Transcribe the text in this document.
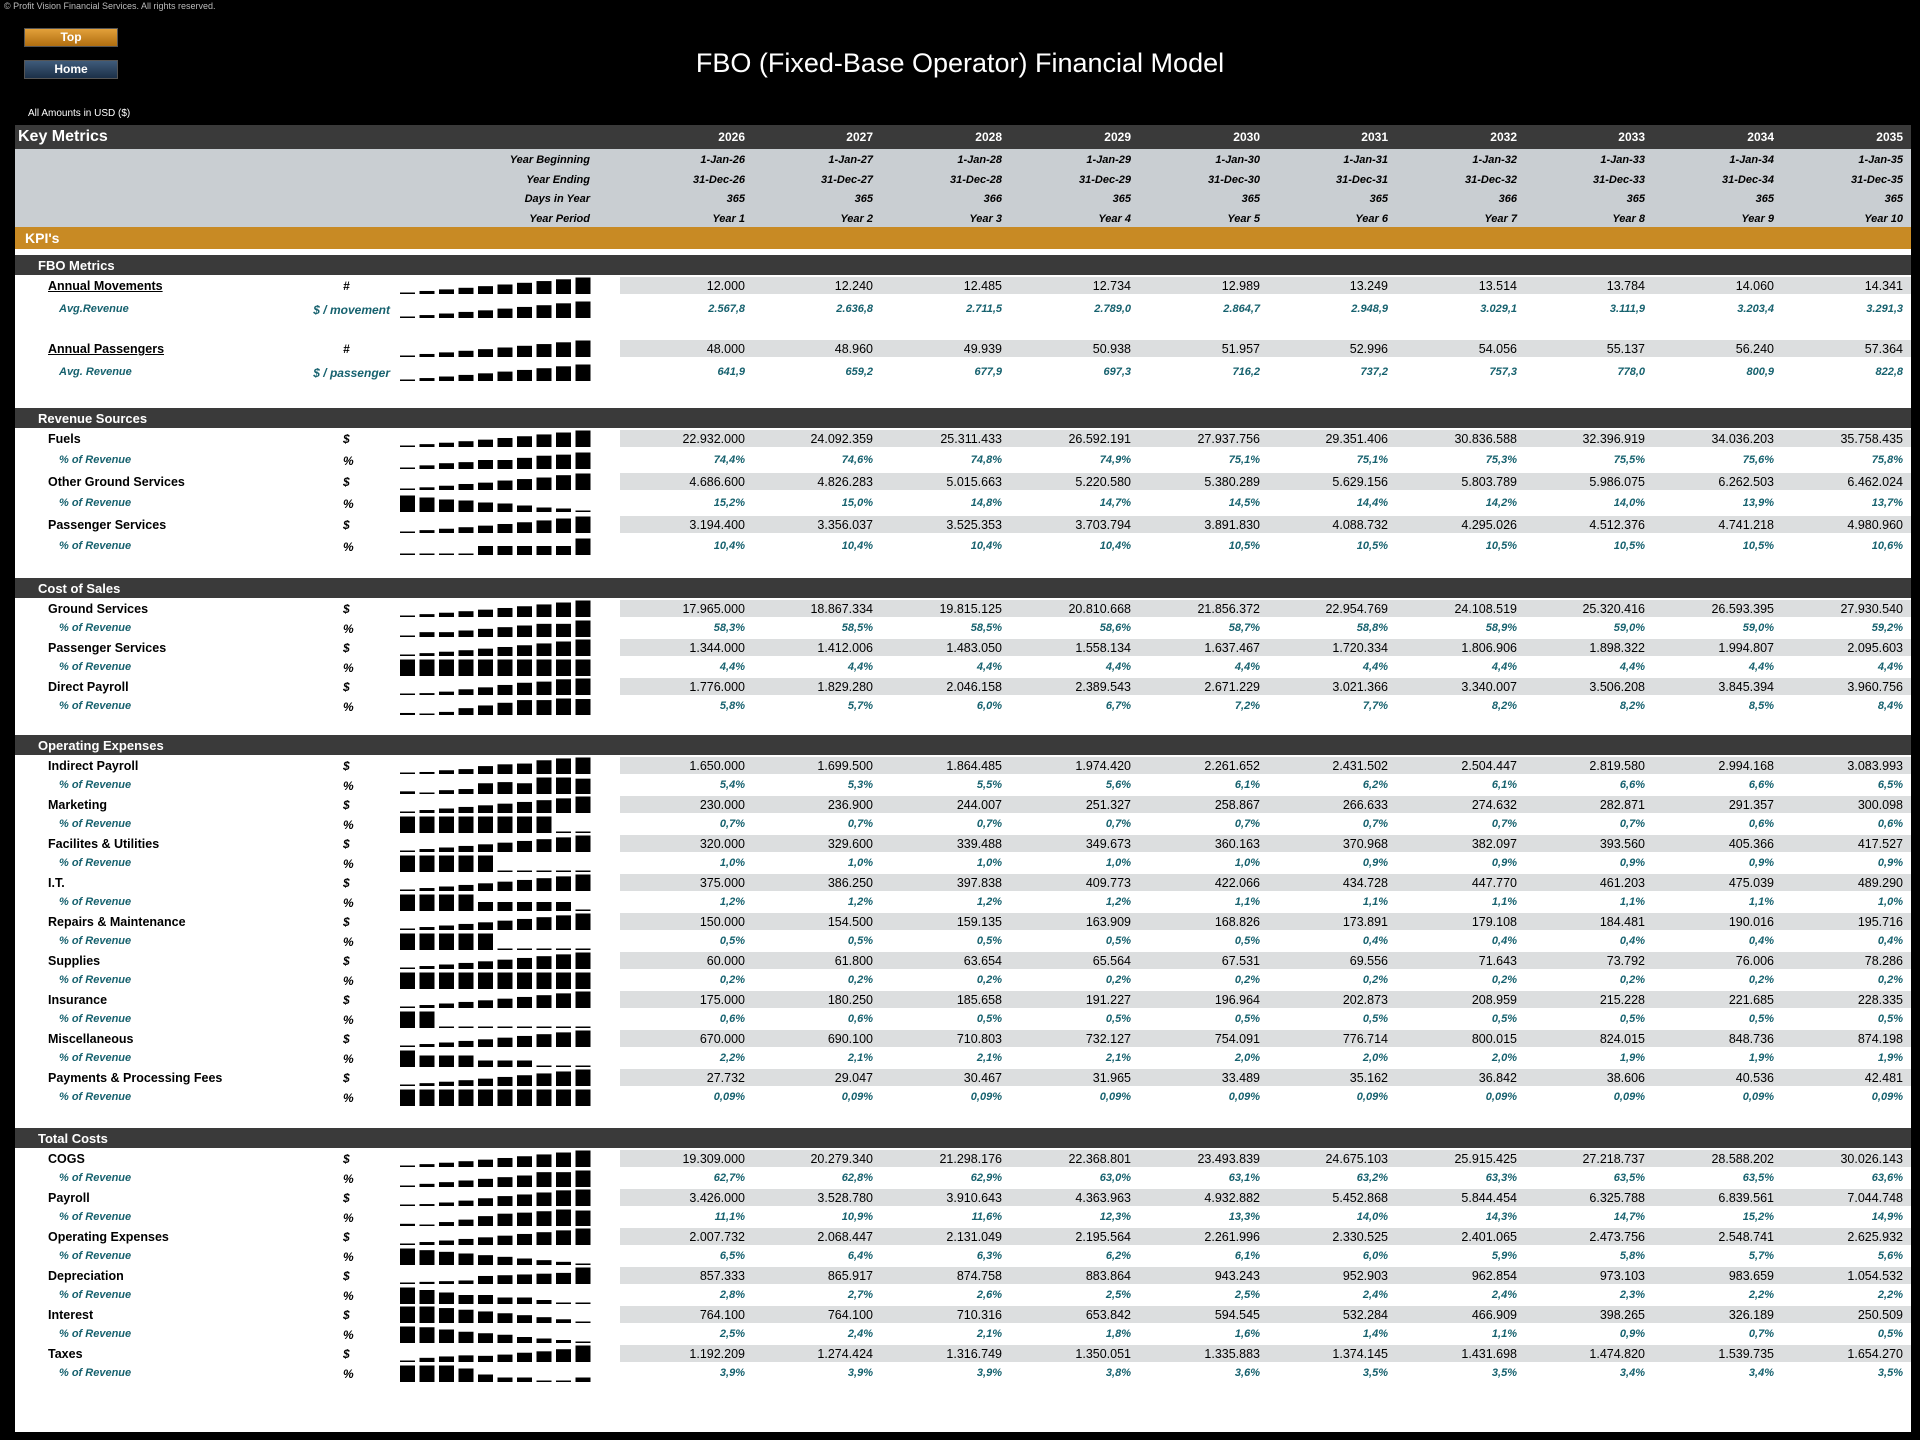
© Profit Vision Financial Services. All rights reserved.
Top
Home	FBO (Fixed-Base Operator) Financial Model
All Amounts in USD ($)
Key Metrics	2026	2027	2028	2029	2030	2031	2032	2033	2034	2035
Year Beginning	1-Jan-26	1-Jan-27	1-Jan-28	1-Jan-29	1-Jan-30	1-Jan-31	1-Jan-32	1-Jan-33	1-Jan-34	1-Jan-35
Year Ending	31-Dec-26	31-Dec-27	31-Dec-28	31-Dec-29	31-Dec-30	31-Dec-31	31-Dec-32	31-Dec-33	31-Dec-34	31-Dec-35
Days in Year	365	365	366	365	365	365	366	365	365	365
Year Period	Year 1	Year 2	Year 3	Year 4	Year 5	Year 6	Year 7	Year 8	Year 9	Year 10
KPI's
FBO Metrics
Annual Movements	#	12.000	12.240	12.485	12.734	12.989	13.249	13.514	13.784	14.060	14.341
Avg.Revenue	$ / movement	2.567,8	2.636,8	2.711,5	2.789,0	2.864,7	2.948,9	3.029,1	3.111,9	3.203,4	3.291,3
Annual Passengers	#	48.000	48.960	49.939	50.938	51.957	52.996	54.056	55.137	56.240	57.364
Avg. Revenue	$ / passenger	641,9	659,2	677,9	697,3	716,2	737,2	757,3	778,0	800,9	822,8
Revenue Sources
Fuels	$	22.932.000	24.092.359	25.311.433	26.592.191	27.937.756	29.351.406	30.836.588	32.396.919	34.036.203	35.758.435
% of Revenue	%	74,4%	74,6%	74,8%	74,9%	75,1%	75,1%	75,3%	75,5%	75,6%	75,8%
Other Ground Services	$	4.686.600	4.826.283	5.015.663	5.220.580	5.380.289	5.629.156	5.803.789	5.986.075	6.262.503	6.462.024
% of Revenue	%	15,2%	15,0%	14,8%	14,7%	14,5%	14,4%	14,2%	14,0%	13,9%	13,7%
Passenger Services	$	3.194.400	3.356.037	3.525.353	3.703.794	3.891.830	4.088.732	4.295.026	4.512.376	4.741.218	4.980.960
% of Revenue	%	10,4%	10,4%	10,4%	10,4%	10,5%	10,5%	10,5%	10,5%	10,5%	10,6%
Cost of Sales
Ground Services	$	17.965.000	18.867.334	19.815.125	20.810.668	21.856.372	22.954.769	24.108.519	25.320.416	26.593.395	27.930.540
% of Revenue	%	58,3%	58,5%	58,5%	58,6%	58,7%	58,8%	58,9%	59,0%	59,0%	59,2%
Passenger Services	$	1.344.000	1.412.006	1.483.050	1.558.134	1.637.467	1.720.334	1.806.906	1.898.322	1.994.807	2.095.603
% of Revenue	%	4,4%	4,4%	4,4%	4,4%	4,4%	4,4%	4,4%	4,4%	4,4%	4,4%
Direct Payroll	$	1.776.000	1.829.280	2.046.158	2.389.543	2.671.229	3.021.366	3.340.007	3.506.208	3.845.394	3.960.756
% of Revenue	%	5,8%	5,7%	6,0%	6,7%	7,2%	7,7%	8,2%	8,2%	8,5%	8,4%
Operating Expenses
Indirect Payroll	$	1.650.000	1.699.500	1.864.485	1.974.420	2.261.652	2.431.502	2.504.447	2.819.580	2.994.168	3.083.993
% of Revenue	%	5,4%	5,3%	5,5%	5,6%	6,1%	6,2%	6,1%	6,6%	6,6%	6,5%
Marketing	$	230.000	236.900	244.007	251.327	258.867	266.633	274.632	282.871	291.357	300.098
% of Revenue	%	0,7%	0,7%	0,7%	0,7%	0,7%	0,7%	0,7%	0,7%	0,6%	0,6%
Facilites & Utilities	$	320.000	329.600	339.488	349.673	360.163	370.968	382.097	393.560	405.366	417.527
% of Revenue	%	1,0%	1,0%	1,0%	1,0%	1,0%	0,9%	0,9%	0,9%	0,9%	0,9%
I.T.	$	375.000	386.250	397.838	409.773	422.066	434.728	447.770	461.203	475.039	489.290
% of Revenue	%	1,2%	1,2%	1,2%	1,2%	1,1%	1,1%	1,1%	1,1%	1,1%	1,0%
Repairs & Maintenance	$	150.000	154.500	159.135	163.909	168.826	173.891	179.108	184.481	190.016	195.716
% of Revenue	%	0,5%	0,5%	0,5%	0,5%	0,5%	0,4%	0,4%	0,4%	0,4%	0,4%
Supplies	$	60.000	61.800	63.654	65.564	67.531	69.556	71.643	73.792	76.006	78.286
% of Revenue	%	0,2%	0,2%	0,2%	0,2%	0,2%	0,2%	0,2%	0,2%	0,2%	0,2%
Insurance	$	175.000	180.250	185.658	191.227	196.964	202.873	208.959	215.228	221.685	228.335
% of Revenue	%	0,6%	0,6%	0,5%	0,5%	0,5%	0,5%	0,5%	0,5%	0,5%	0,5%
Miscellaneous	$	670.000	690.100	710.803	732.127	754.091	776.714	800.015	824.015	848.736	874.198
% of Revenue	%	2,2%	2,1%	2,1%	2,1%	2,0%	2,0%	2,0%	1,9%	1,9%	1,9%
Payments & Processing Fees	$	27.732	29.047	30.467	31.965	33.489	35.162	36.842	38.606	40.536	42.481
% of Revenue	%	0,09%	0,09%	0,09%	0,09%	0,09%	0,09%	0,09%	0,09%	0,09%	0,09%
Total Costs
COGS	$	19.309.000	20.279.340	21.298.176	22.368.801	23.493.839	24.675.103	25.915.425	27.218.737	28.588.202	30.026.143
% of Revenue	%	62,7%	62,8%	62,9%	63,0%	63,1%	63,2%	63,3%	63,5%	63,5%	63,6%
Payroll	$	3.426.000	3.528.780	3.910.643	4.363.963	4.932.882	5.452.868	5.844.454	6.325.788	6.839.561	7.044.748
% of Revenue	%	11,1%	10,9%	11,6%	12,3%	13,3%	14,0%	14,3%	14,7%	15,2%	14,9%
Operating Expenses	$	2.007.732	2.068.447	2.131.049	2.195.564	2.261.996	2.330.525	2.401.065	2.473.756	2.548.741	2.625.932
% of Revenue	%	6,5%	6,4%	6,3%	6,2%	6,1%	6,0%	5,9%	5,8%	5,7%	5,6%
Depreciation	$	857.333	865.917	874.758	883.864	943.243	952.903	962.854	973.103	983.659	1.054.532
% of Revenue	%	2,8%	2,7%	2,6%	2,5%	2,5%	2,4%	2,4%	2,3%	2,2%	2,2%
Interest	$	764.100	764.100	710.316	653.842	594.545	532.284	466.909	398.265	326.189	250.509
% of Revenue	%	2,5%	2,4%	2,1%	1,8%	1,6%	1,4%	1,1%	0,9%	0,7%	0,5%
Taxes	$	1.192.209	1.274.424	1.316.749	1.350.051	1.335.883	1.374.145	1.431.698	1.474.820	1.539.735	1.654.270
% of Revenue	%	3,9%	3,9%	3,9%	3,8%	3,6%	3,5%	3,5%	3,4%	3,4%	3,5%
